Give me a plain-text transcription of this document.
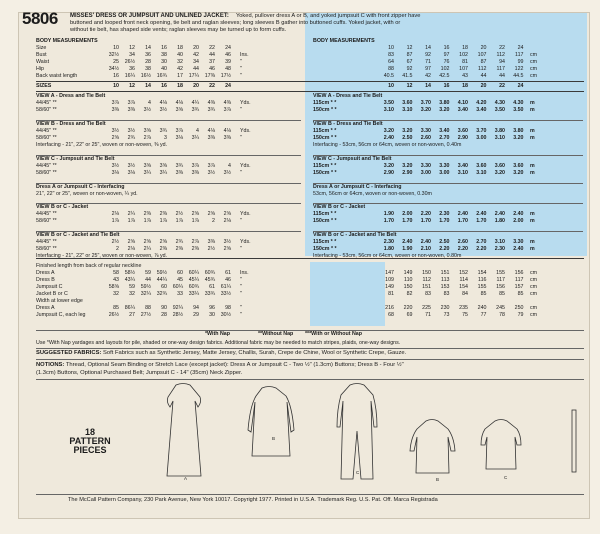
5806 MISSES' DRESS OR JUMPSUIT AND UNLINED JACKET: Yoked, pullover dress A or B, and yoked jumpsuit C with front zipper have
buttoned and looped front neck opening, tie belt and raglan sleeves; long sleeves B gather into buttoned cuffs. Yoked jacket, with or
without tie belt, has shaped side vents; raglan sleeves may be turned up to form cuffs.
BODY MEASUREMENTS	BODY MEASUREMENTS
Size	10	12	14	16	18	20	22	24
Bust	32½	34	36	38	40	42	44	46 Ins.
Waist	25	26½	28	30	32	34	37	39 "
Hip	34½	36	38	40	42	44	46	48 "
Back waist length	16	16¼	16½	16¾	17	17¼	17⅜	17½ "
10	12	14	16	18	20	22	24
83	87	92	97	102	107	112	117 cm
64	67	71	76	81	87	94	99 cm
88	92	97	102	107	112	117	122 cm
40.5	41.5	42	42.5	43	44	44	44.5 cm
SIZES	10	12	14	16	18	20	22	24	10	12	14	16	18	20	22	24
VIEW A - Dress and Tie Belt
44/45" **	3⅞	3⅞	4	4⅛	4⅛	4¼	4⅜	4⅜ Yds.
58/60" **	3⅜	3⅜	3½	3½	3⅝	3¾	3¾	3⅞ "
VIEW B - Dress and Tie Belt
44/45" **	3½	3½	3⅝	3¾	3⅞	4	4⅛	4⅛ Yds.
58/60" **	2⅝	2¾	2⅞	3	3⅛	3¼	3⅜	3⅜ "
Interfacing - 21", 22" or 25", woven or non-woven, ⅜ yd.
VIEW C - Jumpsuit and Tie Belt
44/45" **	3½	3½	3⅝	3⅝	3¾	3⅞	3⅞	4 Yds.
58/60" **	3⅛	3⅛	3¼	3¼	3⅜	3⅜	3½	3½ "
Dress A or Jumpsuit C - Interfacing
21", 22" or 25", woven or non-woven, ¼ yd.
VIEW B or C - Jacket
44/45" **	2⅛	2¼	2⅜	2⅜	2½	2⅝	2⅝	2⅝ Yds.
58/60" **	1⅞	1⅞	1⅞	1⅞	1⅞	1⅞	2	2⅛ "
VIEW B or C - Jacket and Tie Belt
44/45" **	2½	2⅝	2⅝	2⅝	2¾	2⅞	3⅜	3½ Yds.
58/60" **	2	2⅛	2¼	2⅜	2⅜	2⅜	2½	2⅝ "
Interfacing - 21", 22" or 25", woven or non-woven, ⅞ yd.
VIEW A - Dress and Tie Belt
115cm * *	3.50	3.60	3.70	3.80	4.10	4.20	4.30	4.30 m
150cm * *	3.10	3.10	3.20	3.20	3.40	3.40	3.50	3.50 m
VIEW B - Dress and Tie Belt
115cm * *	3.20	3.20	3.30	3.40	3.60	3.70	3.80	3.80 m
150cm * *	2.40	2.50	2.60	2.70	2.90	3.00	3.10	3.20 m
Interfacing - 53cm, 56cm or 64cm, woven or non-woven, 0.40m
VIEW C - Jumpsuit and Tie Belt
115cm * *	3.20	3.20	3.30	3.30	3.40	3.60	3.60	3.60 m
150cm * *	2.90	2.90	3.00	3.00	3.10	3.10	3.20	3.20 m
Dress A or Jumpsuit C - Interfacing
53cm, 56cm or 64cm, woven or non-woven, 0.30m
VIEW B or C - Jacket
115cm * *	1.90	2.00	2.20	2.30	2.40	2.40	2.40	2.40 m
150cm * *	1.70	1.70	1.70	1.70	1.70	1.70	1.80	2.00 m
VIEW B or C - Jacket and Tie Belt
115cm * *	2.30	2.40	2.40	2.50	2.60	2.70	3.10	3.30 m
150cm * *	1.80	1.90	2.10	2.20	2.20	2.20	2.30	2.40 m
Interfacing - 53cm, 56cm or 64cm, woven or non-woven, 0.80m
Finished length from back of regular neckline
Dress A	58	58½	59	59½	60	60¼	60¾	61 Ins.
Dress B	43	43¼	44	44¼	45	45¼	45¾	46 "
Jumpsuit C	58⅝	59	59½	60	60¼	60¾	61	61¼ "
Jacket B or C	32	32	32¼	32¾	33	33¼	33¾	33½ "
Width at lower edge
Dress A	85	86¼	88	90	92¼	94	96	98 "
Jumpsuit C, each leg	26½	27	27½	28	28½	29	30	30½ "
147	149	150	151	152	154	155	156 cm
109	110	112	113	114	116	117	117 cm
149	150	151	153	154	155	156	157 cm
81	82	83	83	84	85	85	85 cm
216	220	225	230	235	240	245	250 cm
68	69	71	73	75	77	78	79 cm
*With Nap	**Without Nap ***With or Without Nap
Use *With Nap yardages and layouts for pile, shaded or one-way design fabrics. Additional fabric may be needed to match stripes, plaids, one-way designs.
SUGGESTED FABRICS: Soft Fabrics such as Synthetic Jersey, Matte Jersey, Challis, Surah, Crepe de Chine, Wool or Synthetic Crepe, Gauze.
NOTIONS: Thread, Optional Seam Binding or Stretch Lace (except jacket): Dress A or Jumpsuit C - Two ½" (1.3cm) Buttons; Dress B - Four ½"
(1.3cm) Buttons, Optional Purchased Belt; Jumpsuit C - 14" (35cm) Neck Zipper.
18
PATTERN
PIECES
A
B
C
B	C
The McCall Pattern Company, 230 Park Avenue, New York 10017. Copyright 1977. Printed in U.S.A. Trademark Reg. U.S. Pat. Off. Marca Registrada
